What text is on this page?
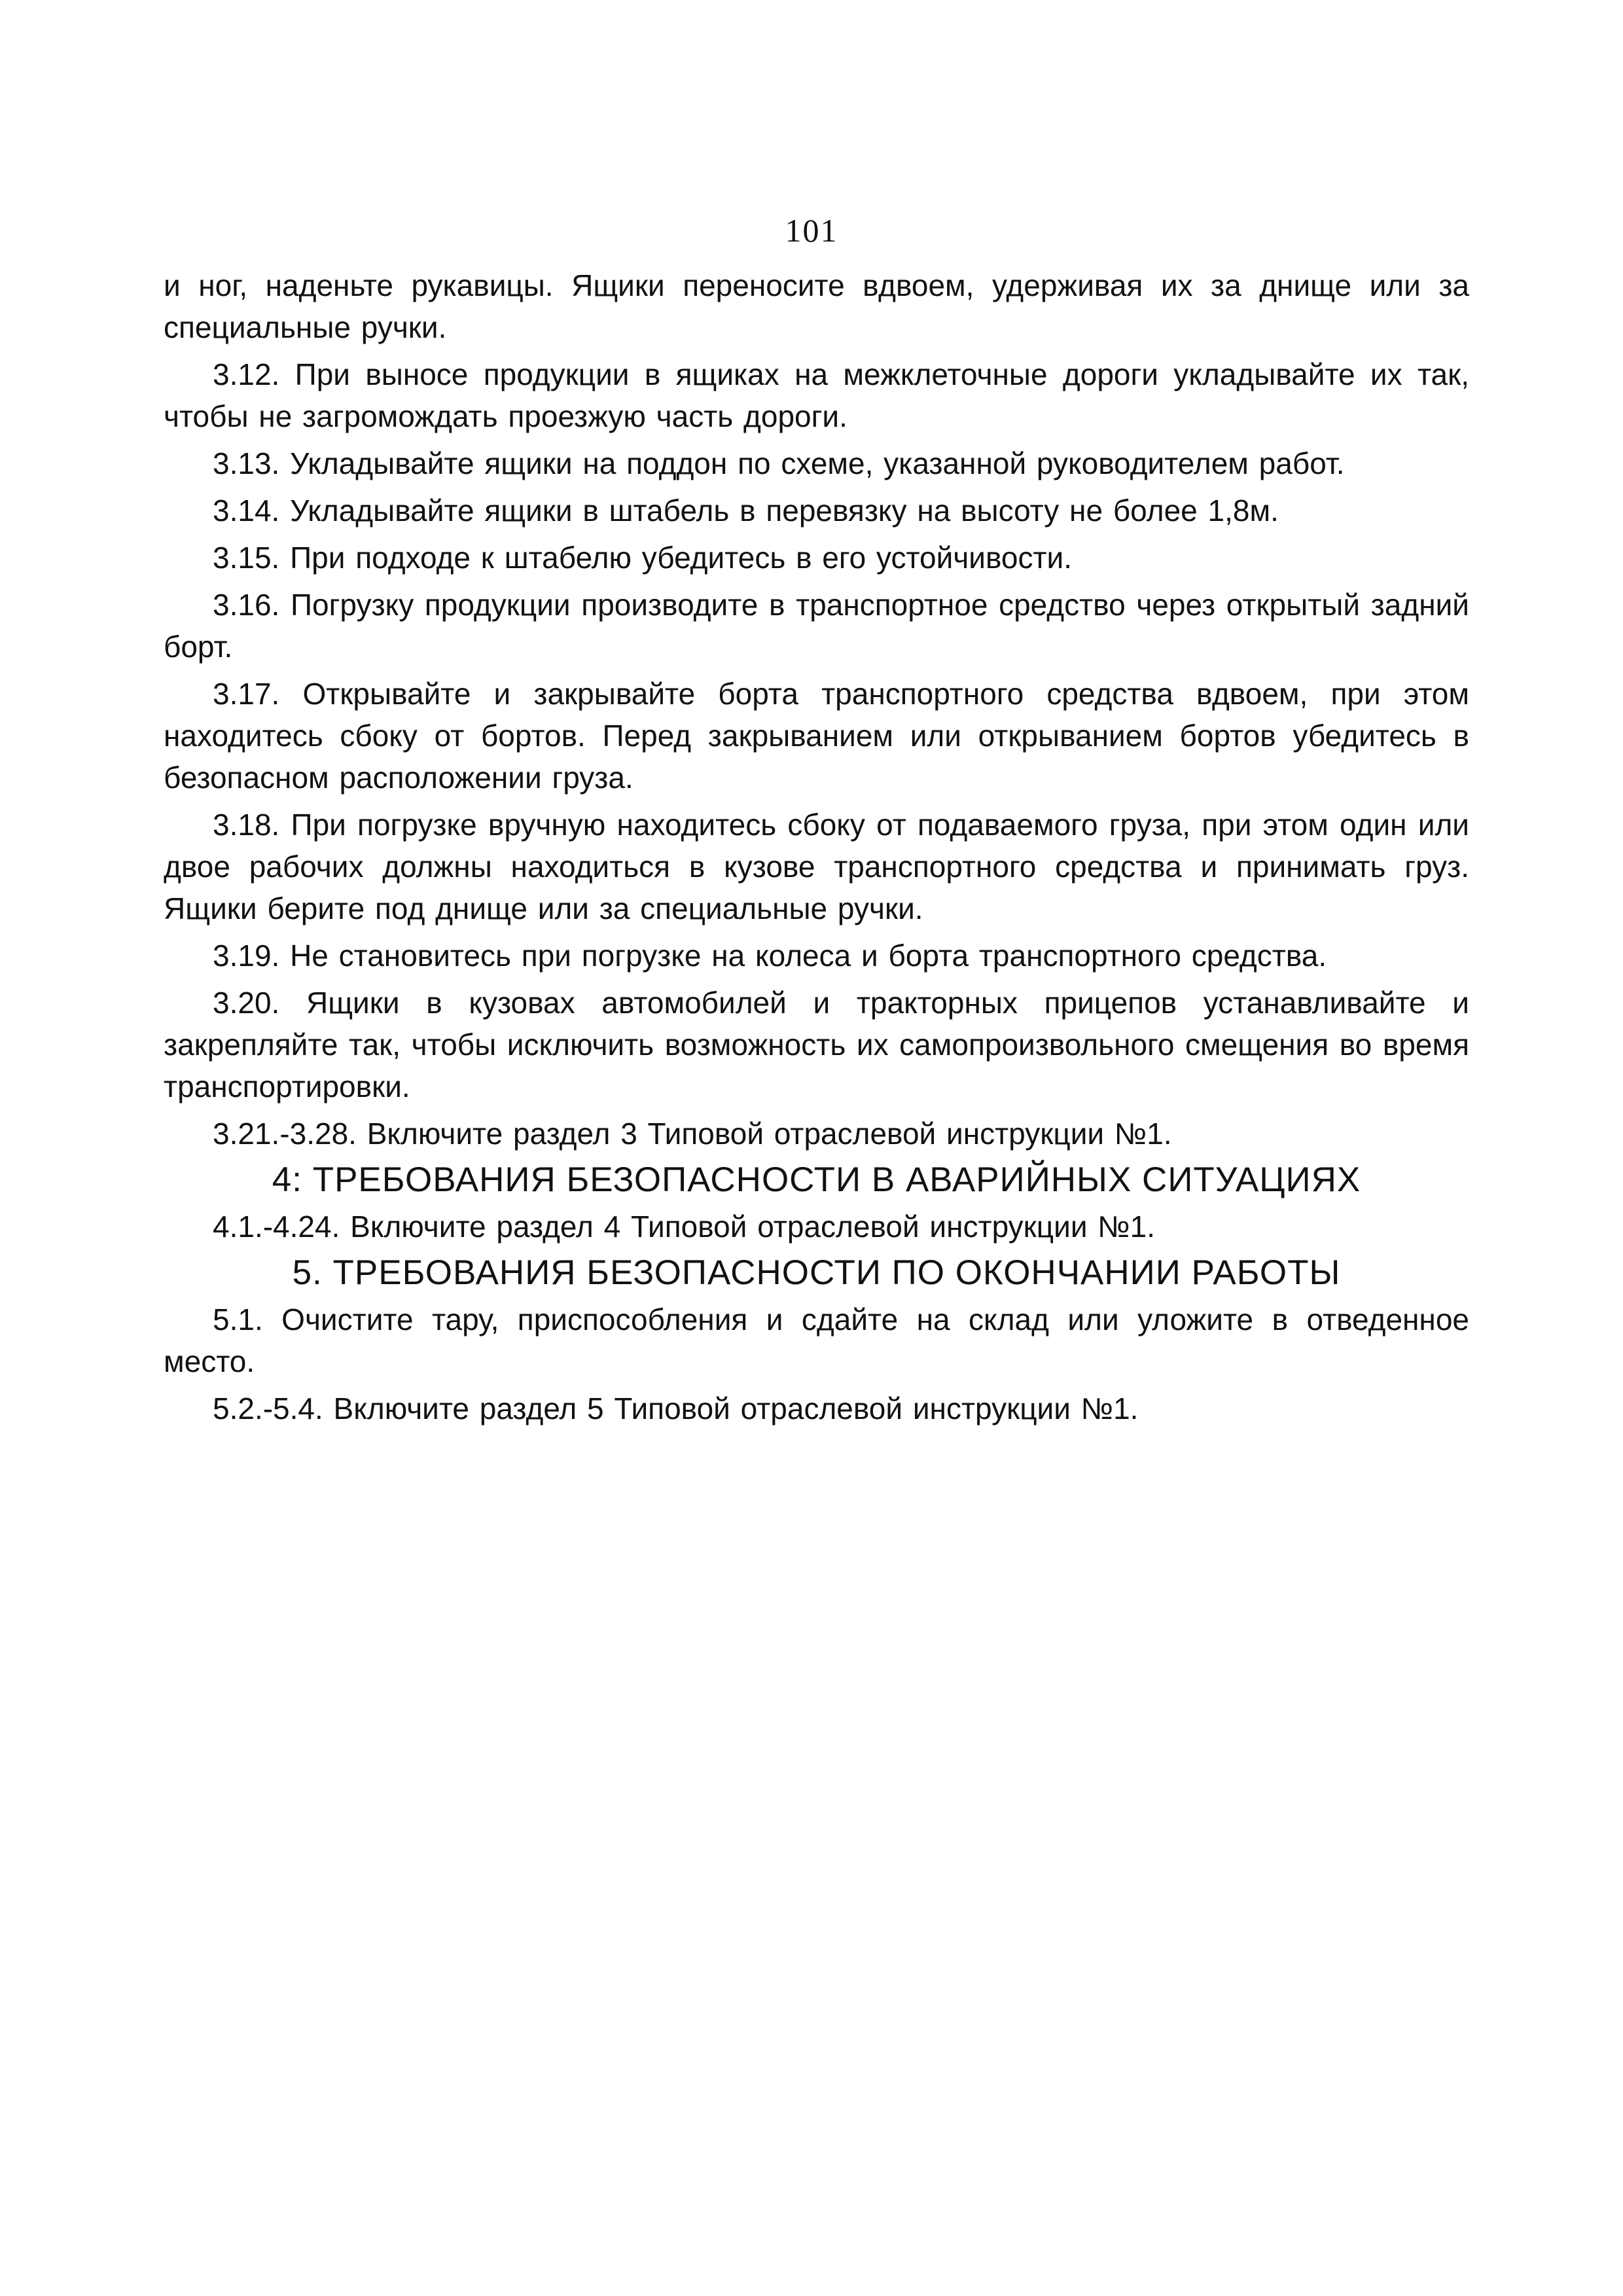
101

и ног, наденьте рукавицы. Ящики переносите вдвоем, удерживая их за днище или за специальные ручки.

3.12. При выносе продукции в ящиках на межклеточные дороги укладывайте их так, чтобы не загромождать проезжую часть дороги.

3.13. Укладывайте ящики на поддон по схеме, указанной руководителем работ.

3.14. Укладывайте ящики в штабель в перевязку на высоту не более 1,8м.

3.15. При подходе к штабелю убедитесь в его устойчивости.

3.16. Погрузку продукции производите в транспортное средство через открытый задний борт.

3.17. Открывайте и закрывайте борта транспортного средства вдвоем, при этом находитесь сбоку от бортов. Перед закрыванием или открыванием бортов убедитесь в безопасном расположении груза.

3.18. При погрузке вручную находитесь сбоку от подаваемого груза, при этом один или двое рабочих должны находиться в кузове транспортного средства и принимать груз. Ящики берите под днище или за специальные ручки.

3.19. Не становитесь при погрузке на колеса и борта транспортного средства.

3.20. Ящики в кузовах автомобилей и тракторных прицепов устанавливайте и закрепляйте так, чтобы исключить возможность их самопроизвольного смещения во время транспортировки.

3.21.-3.28. Включите раздел 3 Типовой отраслевой инструкции №1.

4: ТРЕБОВАНИЯ БЕЗОПАСНОСТИ В АВАРИЙНЫХ СИТУАЦИЯХ

4.1.-4.24. Включите раздел 4 Типовой отраслевой инструкции №1.

5. ТРЕБОВАНИЯ БЕЗОПАСНОСТИ ПО ОКОНЧАНИИ РАБОТЫ

5.1. Очистите тару, приспособления и сдайте на склад или уложите в отведенное место.

5.2.-5.4. Включите раздел 5 Типовой отраслевой инструкции №1.
